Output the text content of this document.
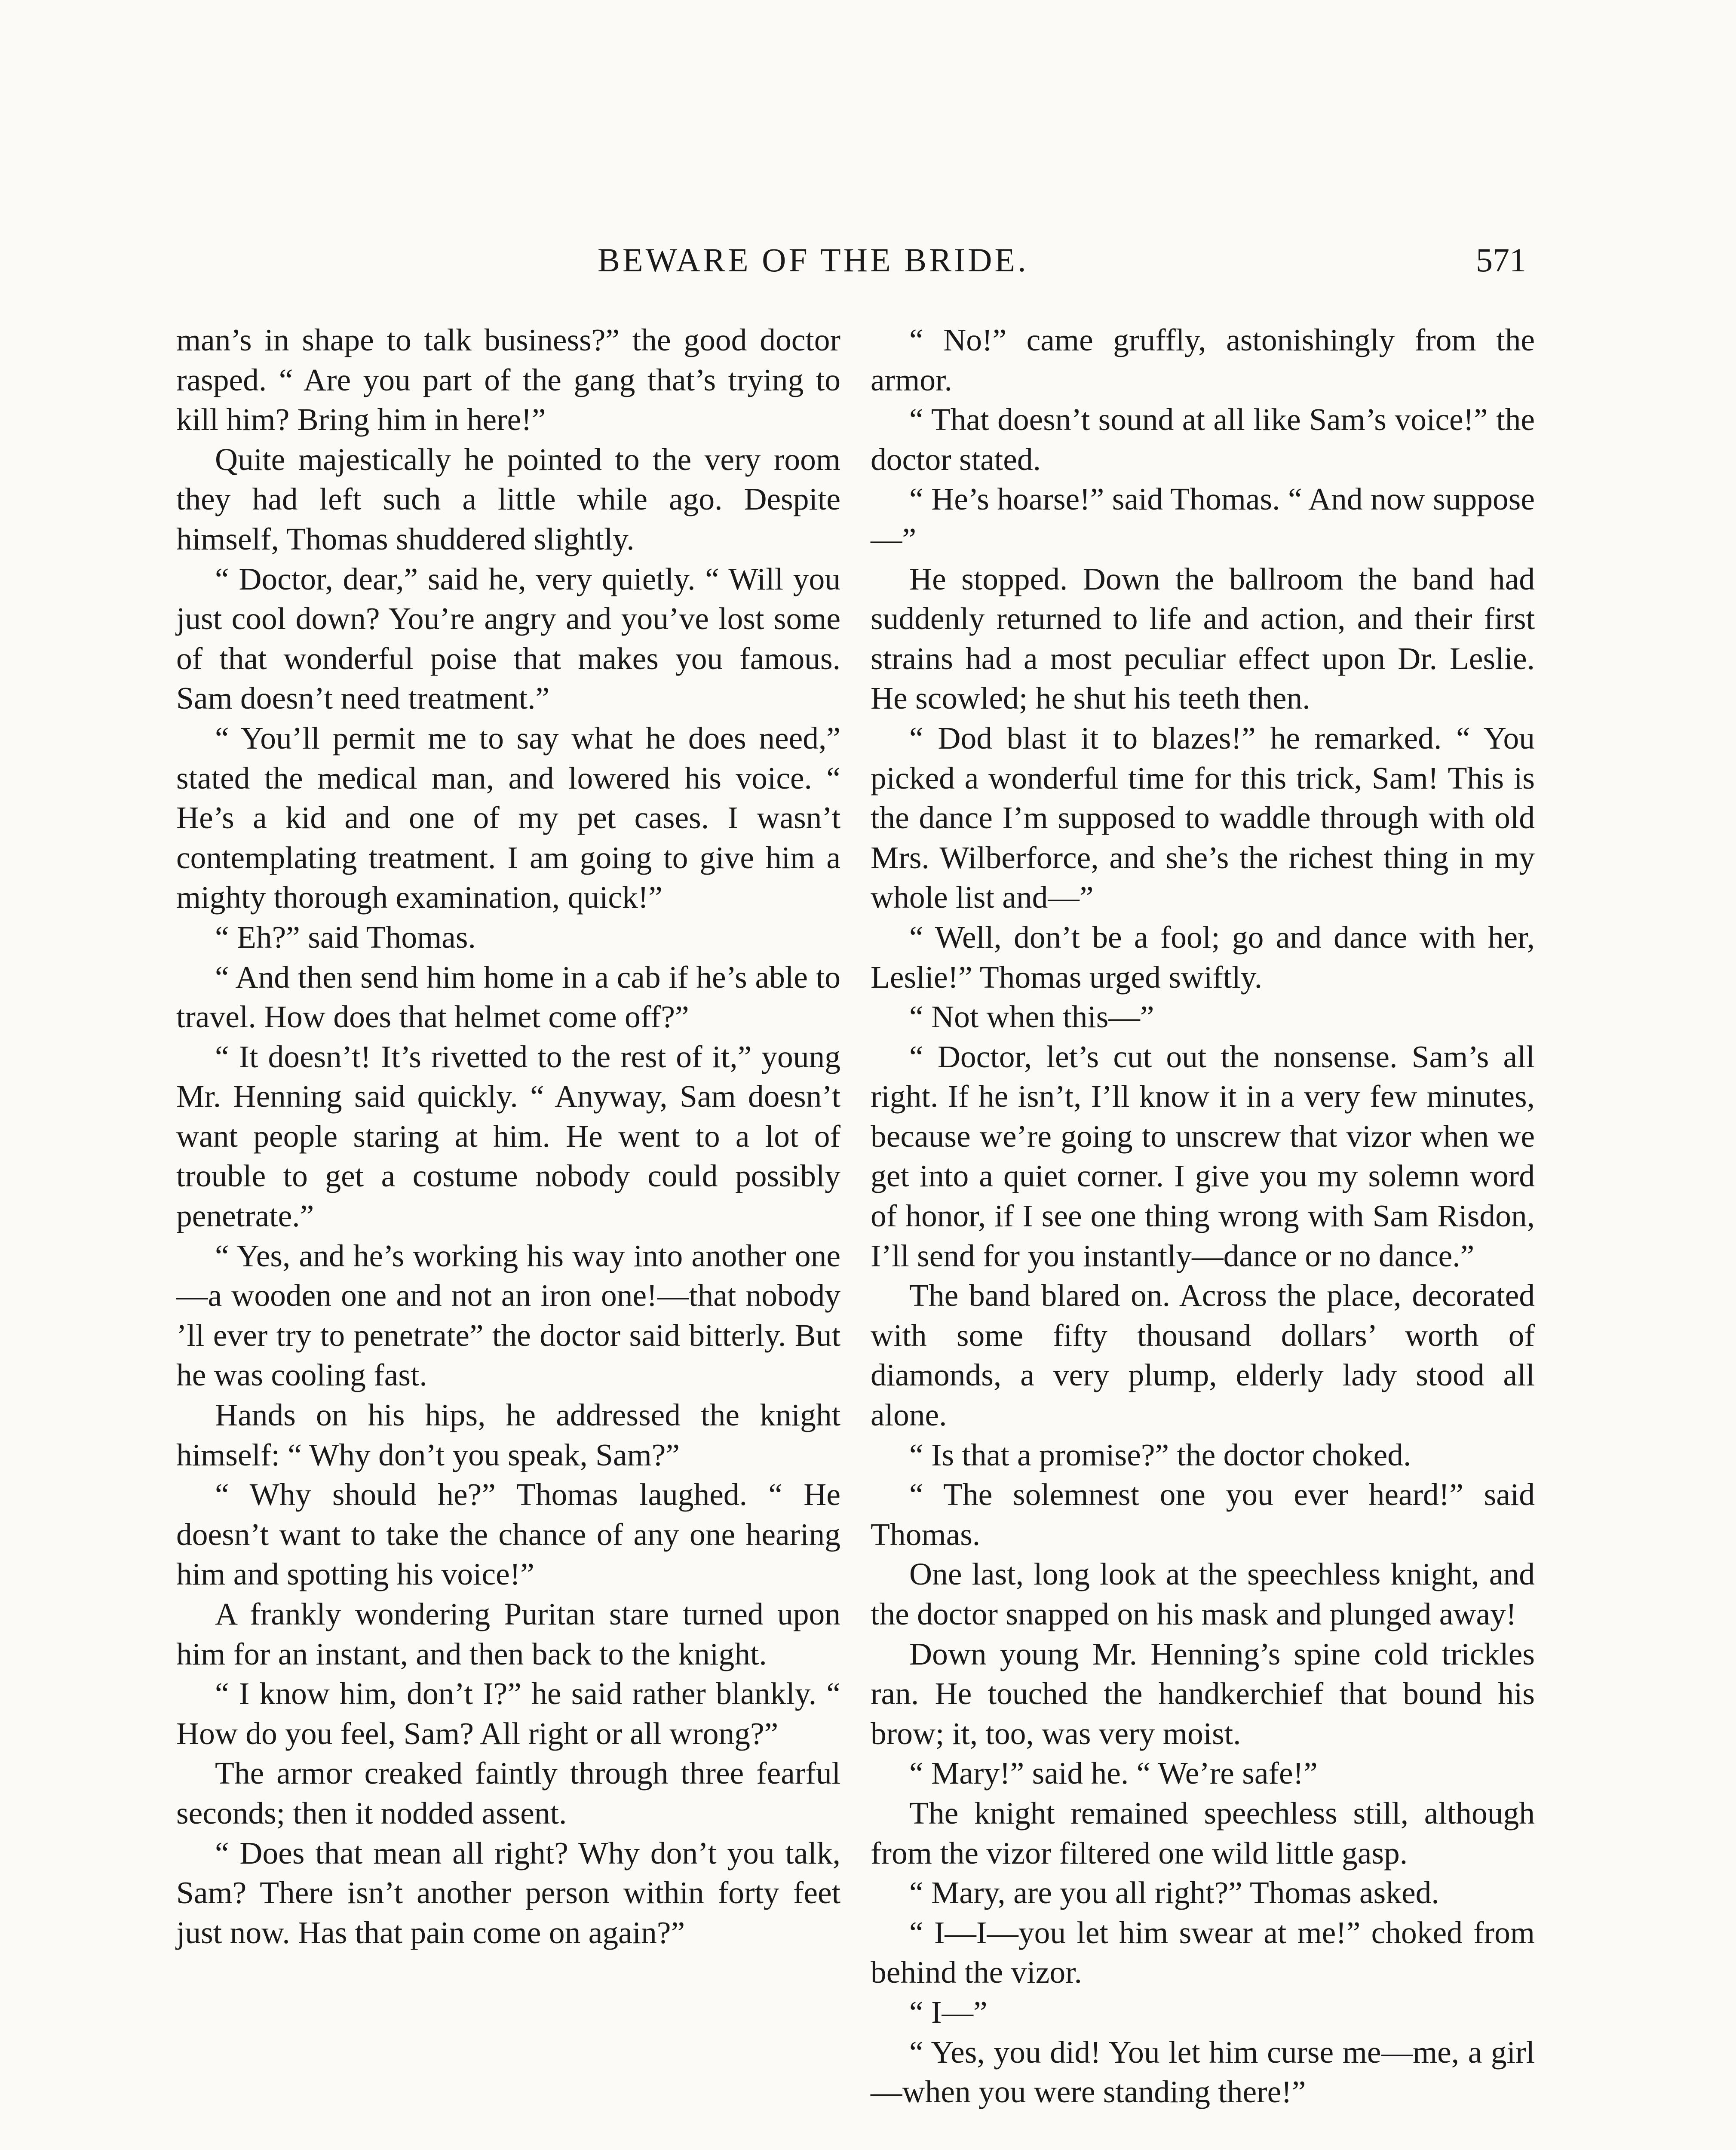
BEWARE OF THE BRIDE.	571

man’s in shape to talk business?” the good doctor rasped. “ Are you part of the gang that’s trying to kill him? Bring him in here!”

Quite majestically he pointed to the very room they had left such a little while ago. Despite himself, Thomas shuddered slightly.

“ Doctor, dear,” said he, very quietly. “ Will you just cool down? You’re angry and you’ve lost some of that wonderful poise that makes you famous. Sam doesn’t need treatment.”

“ You’ll permit me to say what he does need,” stated the medical man, and lowered his voice. “ He’s a kid and one of my pet cases. I wasn’t contemplating treatment. I am going to give him a mighty thorough examination, quick!”

“ Eh?” said Thomas.

“ And then send him home in a cab if he’s able to travel. How does that helmet come off?”

“ It doesn’t! It’s rivetted to the rest of it,” young Mr. Henning said quickly. “ Anyway, Sam doesn’t want people staring at him. He went to a lot of trouble to get a costume nobody could possibly penetrate.”

“ Yes, and he’s working his way into another one—a wooden one and not an iron one!—that nobody ’ll ever try to penetrate” the doctor said bitterly. But he was cooling fast.

Hands on his hips, he addressed the knight himself: “ Why don’t you speak, Sam?”

“ Why should he?” Thomas laughed. “ He doesn’t want to take the chance of any one hearing him and spotting his voice!”

A frankly wondering Puritan stare turned upon him for an instant, and then back to the knight.

“ I know him, don’t I?” he said rather blankly. “ How do you feel, Sam? All right or all wrong?”

The armor creaked faintly through three fearful seconds; then it nodded assent.

“ Does that mean all right? Why don’t you talk, Sam? There isn’t another person within forty feet just now. Has that pain come on again?”

“ No!” came gruffly, astonishingly from the armor.

“ That doesn’t sound at all like Sam’s voice!” the doctor stated.

“ He’s hoarse!” said Thomas. “ And now suppose—”

He stopped. Down the ballroom the band had suddenly returned to life and action, and their first strains had a most peculiar effect upon Dr. Leslie. He scowled; he shut his teeth then.

“ Dod blast it to blazes!” he remarked. “ You picked a wonderful time for this trick, Sam! This is the dance I’m supposed to waddle through with old Mrs. Wilberforce, and she’s the richest thing in my whole list and—”

“ Well, don’t be a fool; go and dance with her, Leslie!” Thomas urged swiftly.

“ Not when this—”

“ Doctor, let’s cut out the nonsense. Sam’s all right. If he isn’t, I’ll know it in a very few minutes, because we’re going to unscrew that vizor when we get into a quiet corner. I give you my solemn word of honor, if I see one thing wrong with Sam Risdon, I’ll send for you instantly—dance or no dance.”

The band blared on. Across the place, decorated with some fifty thousand dollars’ worth of diamonds, a very plump, elderly lady stood all alone.

“ Is that a promise?” the doctor choked.

“ The solemnest one you ever heard!” said Thomas.

One last, long look at the speechless knight, and the doctor snapped on his mask and plunged away!

Down young Mr. Henning’s spine cold trickles ran. He touched the handkerchief that bound his brow; it, too, was very moist.

“ Mary!” said he. “ We’re safe!”

The knight remained speechless still, although from the vizor filtered one wild little gasp.

“ Mary, are you all right?” Thomas asked.

“ I—I—you let him swear at me!” choked from behind the vizor.

“ I—”

“ Yes, you did! You let him curse me—me, a girl—when you were standing there!”
